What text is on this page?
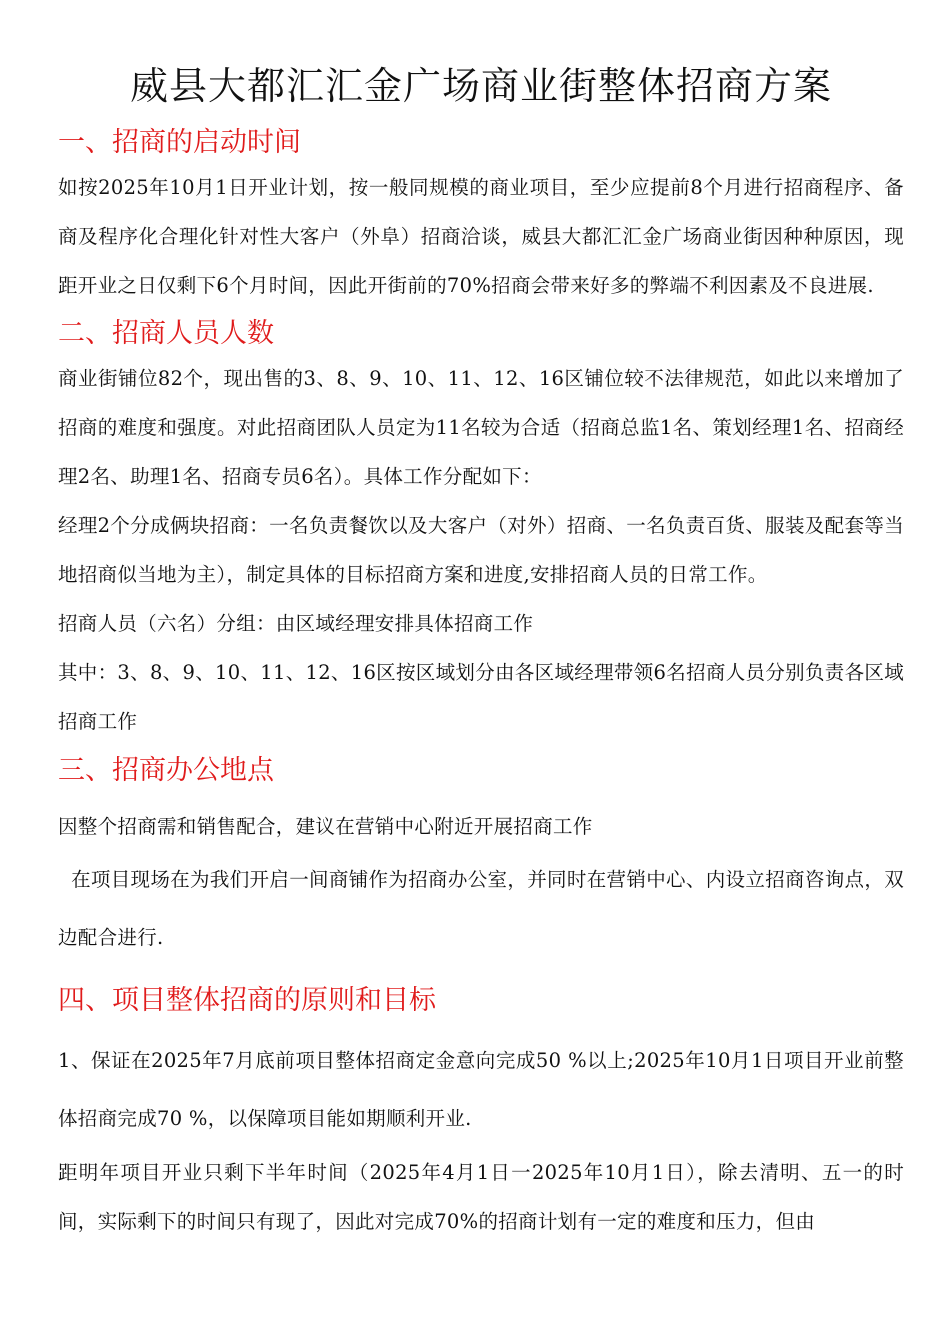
威县大都汇汇金广场商业街整体招商方案
一、招商的启动时间

如按2025年10月1日开业计划，按一般同规模的商业项目，至少应提前8个月进行招商程序、备商及程序化合理化针对性大客户（外阜）招商洽谈，威县大都汇汇金广场商业街因种种原因，现距开业之日仅剩下6个月时间，因此开街前的70%招商会带来好多的弊端不利因素及不良进展.

二、招商人员人数

商业街铺位82个，现出售的3、8、9、10、11、12、16区铺位较不法律规范，如此以来增加了招商的难度和强度。对此招商团队人员定为11名较为合适（招商总监1名、策划经理1名、招商经理2名、助理1名、招商专员6名）。具体工作分配如下：

经理2个分成俩块招商：一名负责餐饮以及大客户（对外）招商、一名负责百货、服装及配套等当地招商似当地为主），制定具体的目标招商方案和进度,安排招商人员的日常工作。

招商人员（六名）分组：由区域经理安排具体招商工作

其中：3、8、9、10、11、12、16区按区域划分由各区域经理带领6名招商人员分别负责各区域招商工作

三、招商办公地点

因整个招商需和销售配合，建议在营销中心附近开展招商工作

在项目现场在为我们开启一间商铺作为招商办公室，并同时在营销中心、内设立招商咨询点，双边配合进行.

四、项目整体招商的原则和目标

1、保证在2025年7月底前项目整体招商定金意向完成50 %以上;2025年10月1日项目开业前整体招商完成70 %，以保障项目能如期顺利开业.

距明年项目开业只剩下半年时间（2025年4月1日一2025年10月1日），除去清明、五一的时间，实际剩下的时间只有现了，因此对完成70%的招商计划有一定的难度和压力，但由
